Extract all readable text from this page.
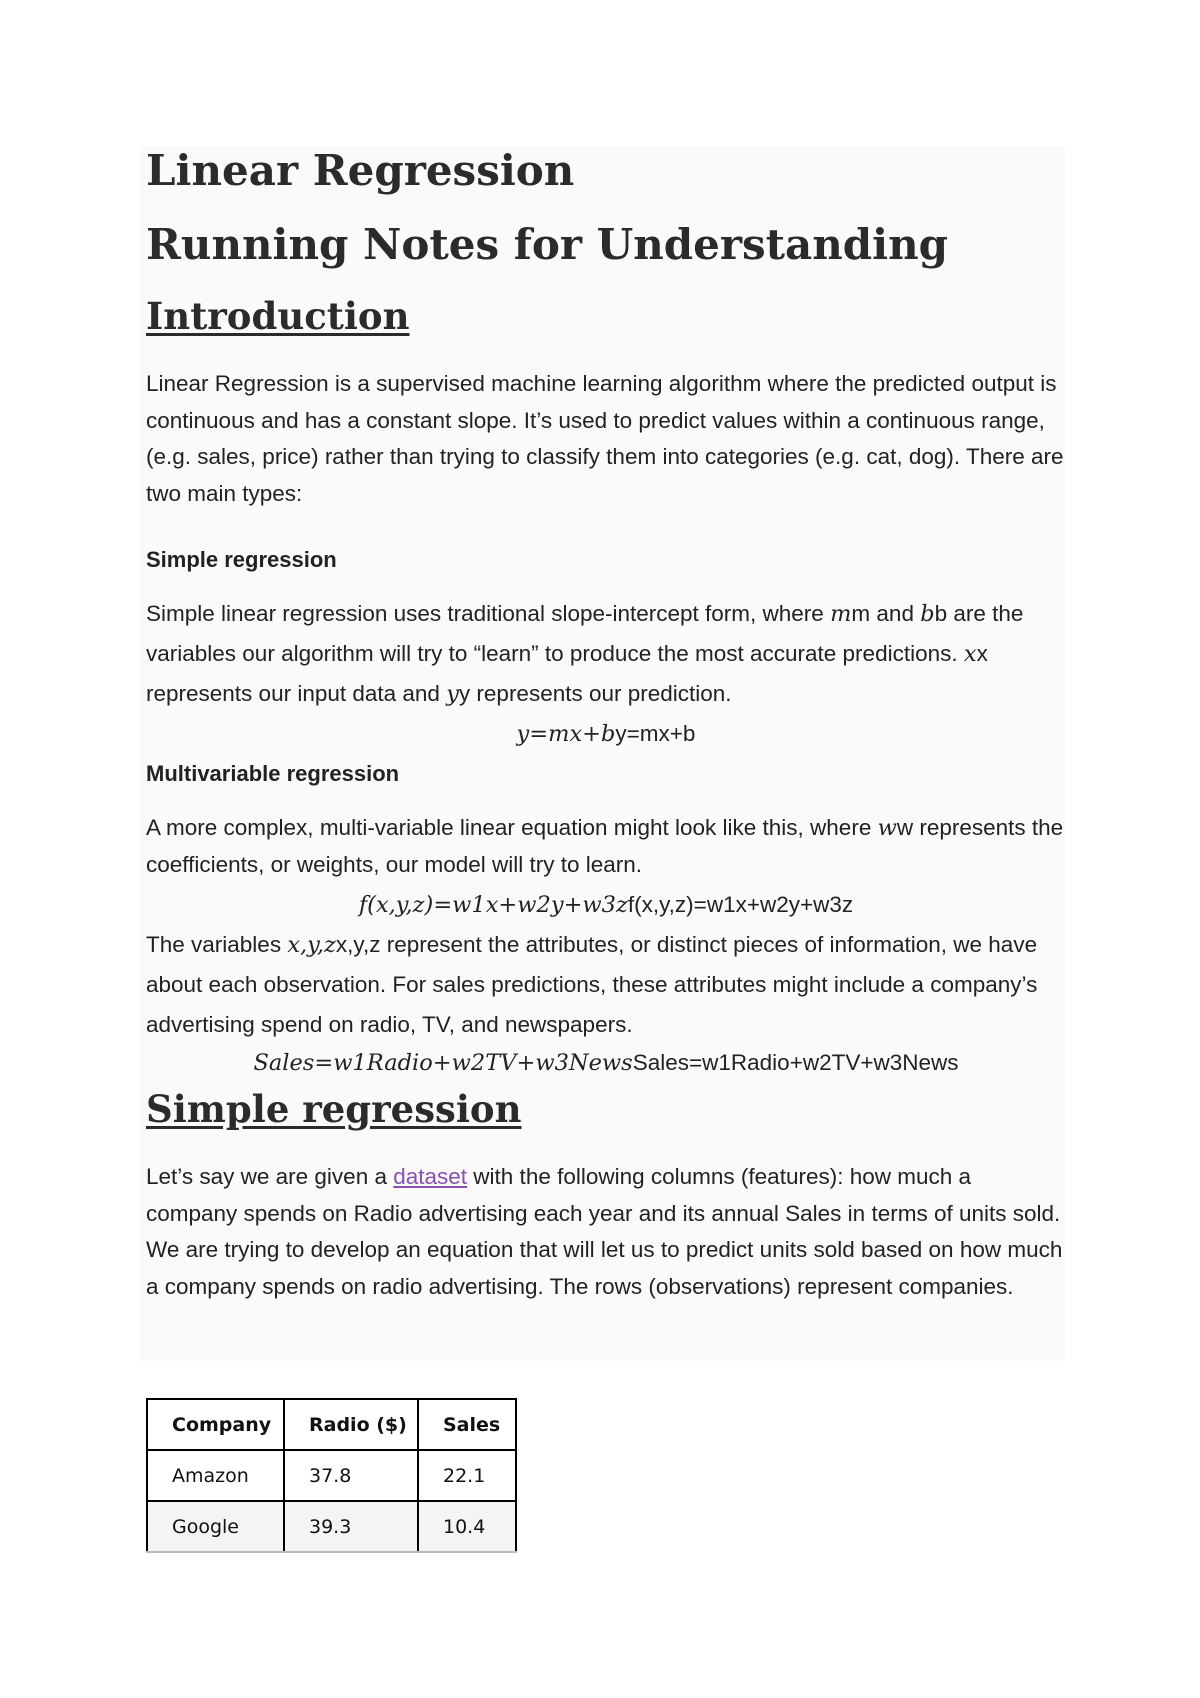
Linear Regression
Running Notes for Understanding
Introduction

Linear Regression is a supervised machine learning algorithm where the predicted output is continuous and has a constant slope. It’s used to predict values within a continuous range, (e.g. sales, price) rather than trying to classify them into categories (e.g. cat, dog). There are two main types:

Simple regression

Simple linear regression uses traditional slope-intercept form, where mm and bb are the variables our algorithm will try to “learn” to produce the most accurate predictions. xx represents our input data and yy represents our prediction.

y=mx+by=mx+b

Multivariable regression

A more complex, multi-variable linear equation might look like this, where ww represents the coefficients, or weights, our model will try to learn.

f(x,y,z)=w1x+w2y+w3zf(x,y,z)=w1x+w2y+w3z

The variables x,y,zx,y,z represent the attributes, or distinct pieces of information, we have about each observation. For sales predictions, these attributes might include a company’s advertising spend on radio, TV, and newspapers.

Sales=w1Radio+w2TV+w3NewsSales=w1Radio+w2TV+w3News

Simple regression

Let’s say we are given a dataset with the following columns (features): how much a company spends on Radio advertising each year and its annual Sales in terms of units sold. We are trying to develop an equation that will let us to predict units sold based on how much a company spends on radio advertising. The rows (observations) represent companies.

Company	Radio ($)	Sales
Amazon	37.8	22.1
Google	39.3	10.4
